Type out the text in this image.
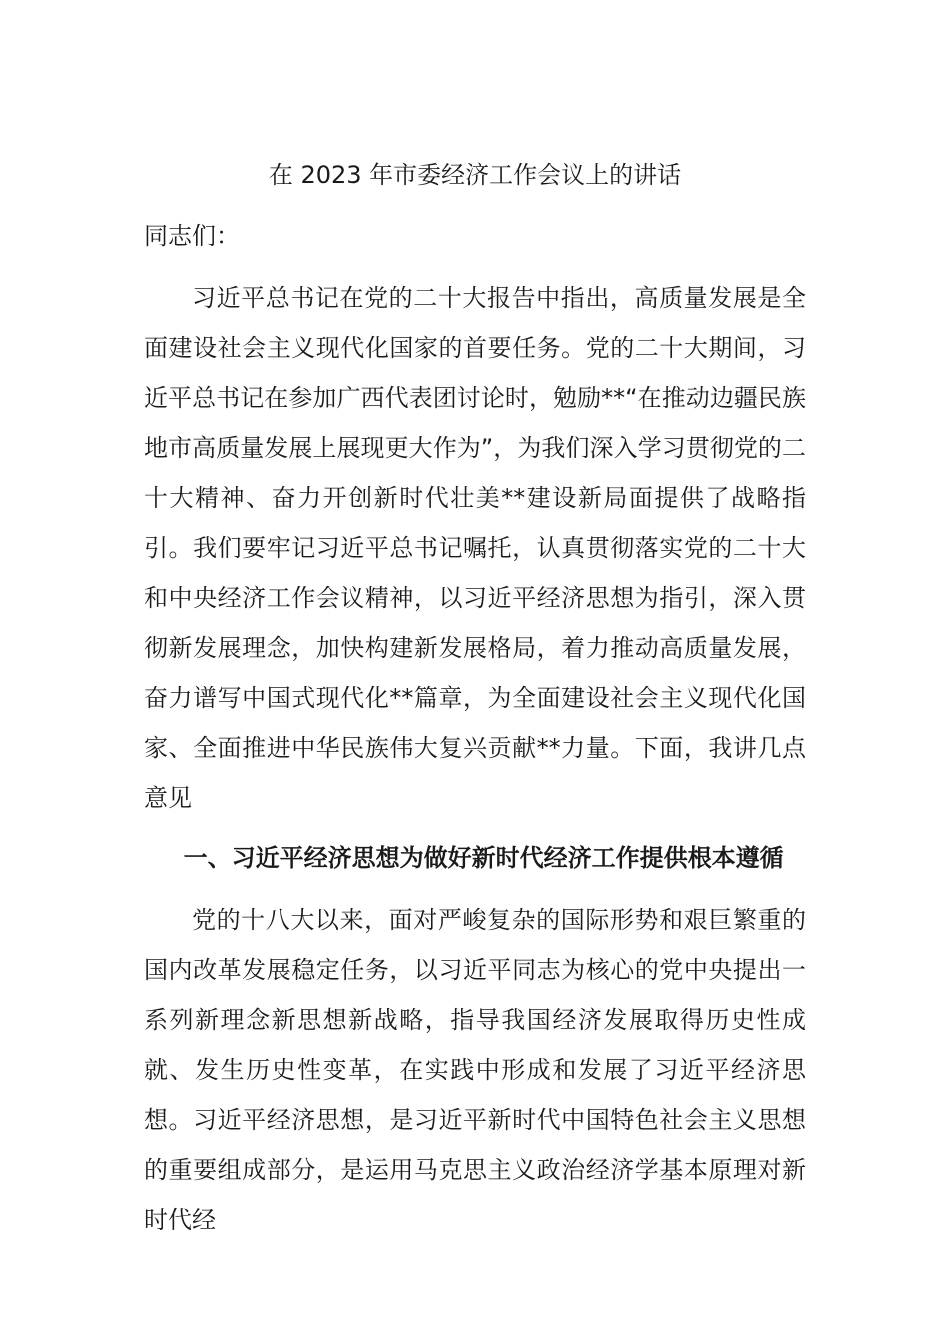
在 2023 年市委经济工作会议上的讲话
同志们：

习近平总书记在党的二十大报告中指出，高质量发展是全面建设社会主义现代化国家的首要任务。党的二十大期间，习近平总书记在参加广西代表团讨论时，勉励**“在推动边疆民族地市高质量发展上展现更大作为”，为我们深入学习贯彻党的二十大精神、奋力开创新时代壮美**建设新局面提供了战略指引。我们要牢记习近平总书记嘱托，认真贯彻落实党的二十大和中央经济工作会议精神，以习近平经济思想为指引，深入贯彻新发展理念，加快构建新发展格局，着力推动高质量发展，奋力谱写中国式现代化**篇章，为全面建设社会主义现代化国家、全面推进中华民族伟大复兴贡献**力量。下面，我讲几点意见

一、习近平经济思想为做好新时代经济工作提供根本遵循

党的十八大以来，面对严峻复杂的国际形势和艰巨繁重的国内改革发展稳定任务，以习近平同志为核心的党中央提出一系列新理念新思想新战略，指导我国经济发展取得历史性成就、发生历史性变革，在实践中形成和发展了习近平经济思想。习近平经济思想，是习近平新时代中国特色社会主义思想的重要组成部分，是运用马克思主义政治经济学基本原理对新时代经
